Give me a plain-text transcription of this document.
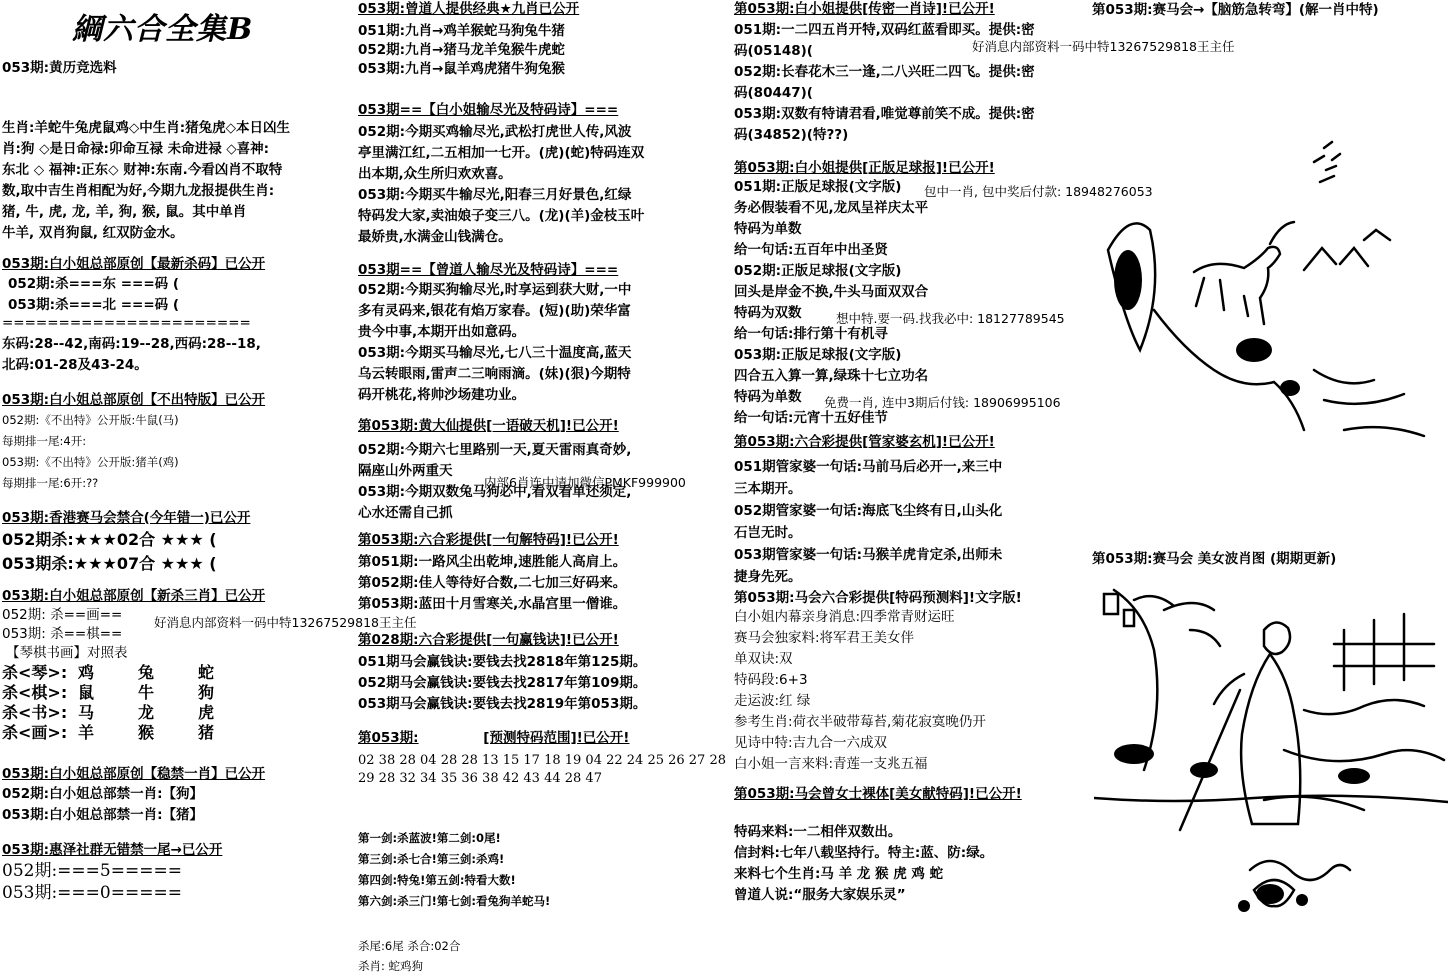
綱六合全集B
053期:黄历竞选料
生肖:羊蛇牛兔虎鼠鸡◇中生肖:猪兔虎◇本日凶生
肖:狗 ◇是日命禄:卯命互禄 未命进禄 ◇喜神:
东北 ◇ 福神:正东◇ 财神:东南.今看凶肖不取特
数,取中吉生肖相配为好,今期九龙报提供生肖:
猪, 牛, 虎, 龙, 羊, 狗, 猴, 鼠。其中单肖
牛羊, 双肖狗鼠, 红双防金水。
053期:白小姐总部原创【最新杀码】已公开
052期:杀===东 ===码 (
053期:杀===北 ===码 (
======================
东码:28--42,南码:19--28,西码:28--18,
北码:01-28及43-24。
053期:白小姐总部原创【不出特版】已公开
052期:《不出特》公开版:牛鼠(马)
每期排一尾:4开:
053期:《不出特》公开版:猪羊(鸡)
每期排一尾:6开:??
053期:香港赛马会禁合(今年错一)已公开
052期杀:★★★02合 ★★★ (
053期杀:★★★07合 ★★★ (
053期:白小姐总部原创【新杀三肖】已公开
052期: 杀==画==
053期: 杀==棋==
【琴棋书画】对照表
杀<琴>: 鸡	兔	蛇
杀<棋>: 鼠	牛	狗
杀<书>: 马	龙	虎
杀<画>: 羊	猴	猪
053期:白小姐总部原创【稳禁一肖】已公开
052期:白小姐总部禁一肖:【狗】
053期:白小姐总部禁一肖:【猪】
053期:惠泽社群无错禁一尾→已公开
052期:===5=====
053期:===0=====
好消息内部资料一码中特13267529818王主任
053期:曾道人提供经典★九肖已公开
051期:九肖→鸡羊猴蛇马狗兔牛猪
052期:九肖→猪马龙羊兔猴牛虎蛇
053期:九肖→鼠羊鸡虎猪牛狗兔猴
053期==【白小姐输尽光及特码诗】===
052期:今期买鸡输尽光,武松打虎世人传,风波
亭里满江红,二五相加一七开。(虎)(蛇)特码连双
出本期,众生所归欢欢喜。
053期:今期买牛输尽光,阳春三月好景色,红绿
特码发大家,卖油娘子变三八。(龙)(羊)金枝玉叶
最娇贵,水满金山钱满仓。
053期==【曾道人输尽光及特码诗】===
052期:今期买狗输尽光,时享运到获大财,一中
多有灵码来,银花有焰万家春。(短)(助)荣华富
贵今中事,本期开出如意码。
053期:今期买马输尽光,七八三十温度高,蓝天
乌云转眼雨,雷声二三响雨滴。(妹)(狠)今期特
码开桃花,将帅沙场建功业。
第053期:黄大仙提供[一语破天机]!已公开!
052期:今期六七里路别一天,夏天雷雨真奇妙,
隔座山外两重天
053期:今期双数兔马狗必中,看双看单还须定,
心水还需自己抓
第053期:六合彩提供[一句解特码]!已公开!
第051期:一路风尘出乾坤,速胜能人高肩上。
第052期:佳人等待好合数,二七加三好码来。
第053期:蓝田十月雪寒关,水晶宫里一僧谁。
第028期:六合彩提供[一句赢钱诀]!已公开!
051期马会赢钱诀:要钱去找2818年第125期。
052期马会赢钱诀:要钱去找2817年第109期。
053期马会赢钱诀:要钱去找2819年第053期。
第053期:	[预测特码范围]!已公开!
02 38 28 04 28 28 13 15 17 18 19 04 22 24 25 26 27 28
29 28 32 34 35 36 38 42 43 44 28 47
第一剑:杀蓝波!第二剑:0尾!
第三剑:杀七合!第三剑:杀鸡!
第四剑:特兔!第五剑:特看大数!
第六剑:杀三门!第七剑:看兔狗羊蛇马!
杀尾:6尾 杀合:02合
杀肖: 蛇鸡狗
内部6肖连中请加微信PMKF999900
第053期:白小姐提供[传密一肖诗]!已公开!
051期:一二四五肖开特,双码红蓝看即买。提供:密
码(05148)(
052期:长春花木三一逢,二八兴旺二四飞。提供:密
码(80447)(
053期:双数有特请君看,唯觉尊前笑不成。提供:密
码(34852)(特??)
第053期:白小姐提供[正版足球报]!已公开!
051期:正版足球报(文字版)
务必假装看不见,龙凤呈祥庆太平
特码为单数
给一句话:五百年中出圣贤
052期:正版足球报(文字版)
回头是岸金不换,牛头马面双双合
特码为双数
给一句话:排行第十有机寻
053期:正版足球报(文字版)
四合五入算一算,绿珠十七立功名
特码为单数
给一句话:元宵十五好佳节
第053期:六合彩提供[管家婆玄机]!已公开!
051期管家婆一句话:马前马后必开一,来三中
三本期开。
052期管家婆一句话:海底飞尘终有日,山头化
石岂无时。
053期管家婆一句话:马猴羊虎肯定杀,出师未
捷身先死。
第053期:马会六合彩提供[特码预测料]!文字版!
白小姐内幕亲身消息:四季常青财运旺
赛马会独家料:将军君王美女伴
单双诀:双
特码段:6+3
走运波:红 绿
参考生肖:荷衣半破带莓苔,菊花寂寞晚仍开
见诗中特:吉九合一六成双
白小姐一言来料:青莲一支兆五福
第053期:马会曾女士裸体[美女献特码]!已公开!
特码来料:一二相伴双数出。
信封料:七年八载坚持行。特主:蓝、防:绿。
来料七个生肖:马 羊 龙 猴 虎 鸡 蛇
曾道人说:“服务大家娱乐灵”
包中一肖, 包中奖后付款: 18948276053
想中特.要一码.找我必中: 18127789545
免费一肖, 连中3期后付钱: 18906995106
第053期:赛马会→【脑筋急转弯】(解一肖中特)
第053期:赛马会 美女波肖图 (期期更新)
好消息内部资料一码中特13267529818王主任
